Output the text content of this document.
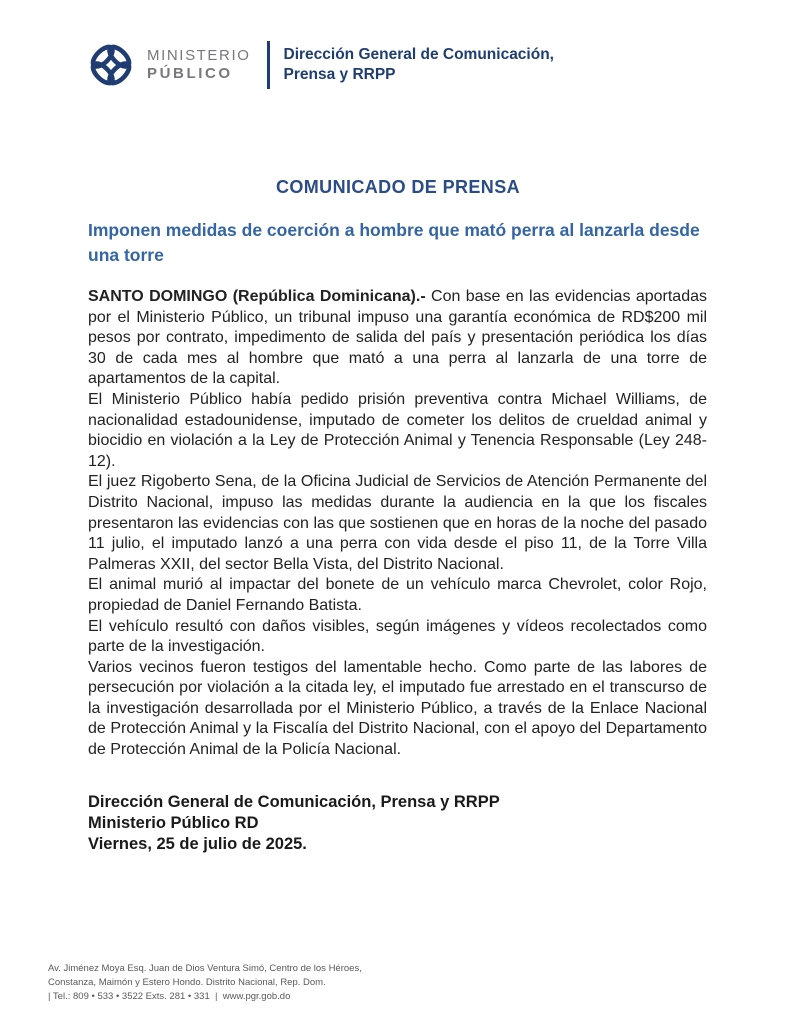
MINISTERIO
PÚBLICO
Dirección General de Comunicación,
Prensa y RRPP
COMUNICADO DE PRENSA
Imponen medidas de coerción a hombre que mató perra al lanzarla desde una torre

SANTO DOMINGO (República Dominicana).- Con base en las evidencias aportadas por el Ministerio Público, un tribunal impuso una garantía económica de RD$200 mil pesos por contrato, impedimento de salida del país y presentación periódica los días 30 de cada mes al hombre que mató a una perra al lanzarla de una torre de apartamentos de la capital.

El Ministerio Público había pedido prisión preventiva contra Michael Williams, de nacionalidad estadounidense, imputado de cometer los delitos de crueldad animal y biocidio en violación a la Ley de Protección Animal y Tenencia Responsable (Ley 248-12).

El juez Rigoberto Sena, de la Oficina Judicial de Servicios de Atención Permanente del Distrito Nacional, impuso las medidas durante la audiencia en la que los fiscales presentaron las evidencias con las que sostienen que en horas de la noche del pasado 11 julio, el imputado lanzó a una perra con vida desde el piso 11, de la Torre Villa Palmeras XXII, del sector Bella Vista, del Distrito Nacional.

El animal murió al impactar del bonete de un vehículo marca Chevrolet, color Rojo, propiedad de Daniel Fernando Batista.

El vehículo resultó con daños visibles, según imágenes y vídeos recolectados como parte de la investigación.

Varios vecinos fueron testigos del lamentable hecho. Como parte de las labores de persecución por violación a la citada ley, el imputado fue arrestado en el transcurso de la investigación desarrollada por el Ministerio Público, a través de la Enlace Nacional de Protección Animal y la Fiscalía del Distrito Nacional, con el apoyo del Departamento de Protección Animal de la Policía Nacional.

Dirección General de Comunicación, Prensa y RRPP
Ministerio Público RD
Viernes, 25 de julio de 2025.
Av. Jiménez Moya Esq. Juan de Dios Ventura Simó, Centro de los Héroes,
Constanza, Maimón y Estero Hondo. Distrito Nacional, Rep. Dom.
| Tel.: 809 • 533 • 3522 Exts. 281 • 331  |  www.pgr.gob.do
